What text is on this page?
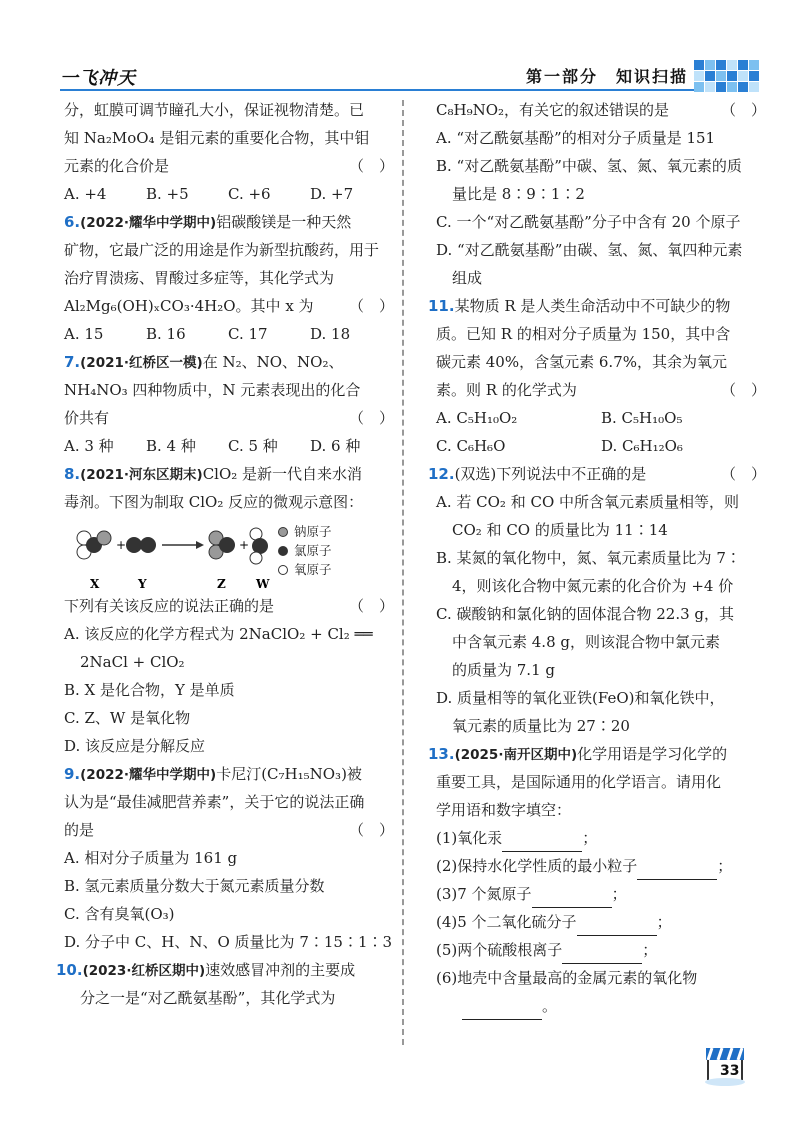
一飞冲天	第一部分　知识扫描
分，虹膜可调节瞳孔大小，保证视物清楚。已
知 Na₂MoO₄ 是钼元素的重要化合物，其中钼
元素的化合价是	（　）
A. +4	B. +5	C. +6	D. +7
6.(2022·耀华中学期中)铝碳酸镁是一种天然
矿物，它最广泛的用途是作为新型抗酸药，用于
治疗胃溃疡、胃酸过多症等，其化学式为
Al₂Mg₆(OH)ₓCO₃·4H₂O。其中 x 为 （　）
A. 15	B. 16	C. 17	D. 18
7.(2021·红桥区一模)在 N₂、NO、NO₂、
NH₄NO₃ 四种物质中，N 元素表现出的化合
价共有	（　）
A. 3 种	B. 4 种	C. 5 种	D. 6 种
8.(2021·河东区期末)ClO₂ 是新一代自来水消
毒剂。下图为制取 ClO₂ 反应的微观示意图：
+	+
X	Y	Z	W
钠原子
氯原子
氧原子
下列有关该反应的说法正确的是	（　）
A. 该反应的化学方程式为 2NaClO₂ + Cl₂ ══
2NaCl + ClO₂
B. X 是化合物，Y 是单质
C. Z、W 是氧化物
D. 该反应是分解反应
9.(2022·耀华中学期中)卡尼汀(C₇H₁₅NO₃)被
认为是“最佳减肥营养素”，关于它的说法正确
的是	（　）
A. 相对分子质量为 161 g
B. 氢元素质量分数大于氮元素质量分数
C. 含有臭氧(O₃)
D. 分子中 C、H、N、O 质量比为 7∶15∶1∶3
10.(2023·红桥区期中)速效感冒冲剂的主要成
分之一是“对乙酰氨基酚”，其化学式为
C₈H₉NO₂，有关它的叙述错误的是	（　）
A. “对乙酰氨基酚”的相对分子质量是 151
B. “对乙酰氨基酚”中碳、氢、氮、氧元素的质
量比是 8∶9∶1∶2
C. 一个“对乙酰氨基酚”分子中含有 20 个原子
D. “对乙酰氨基酚”由碳、氢、氮、氧四种元素
组成
11.某物质 R 是人类生命活动中不可缺少的物
质。已知 R 的相对分子质量为 150，其中含
碳元素 40%，含氢元素 6.7%，其余为氧元
素。则 R 的化学式为	（　）
A. C₅H₁₀O₂	B. C₅H₁₀O₅
C. C₆H₆O	D. C₆H₁₂O₆
12.(双选)下列说法中不正确的是	（　）
A. 若 CO₂ 和 CO 中所含氧元素质量相等，则
CO₂ 和 CO 的质量比为 11∶14
B. 某氮的氧化物中，氮、氧元素质量比为 7∶
4，则该化合物中氮元素的化合价为 +4 价
C. 碳酸钠和氯化钠的固体混合物 22.3 g，其
中含氧元素 4.8 g，则该混合物中氯元素
的质量为 7.1 g
D. 质量相等的氧化亚铁(FeO)和氧化铁中，
氧元素的质量比为 27∶20
13.(2025·南开区期中)化学用语是学习化学的
重要工具，是国际通用的化学语言。请用化
学用语和数字填空：
(1)氧化汞	；
(2)保持水化学性质的最小粒子	；
(3)7 个氮原子	；
(4)5 个二氧化硫分子	；
(5)两个硫酸根离子	；
(6)地壳中含量最高的金属元素的氧化物
。
33
